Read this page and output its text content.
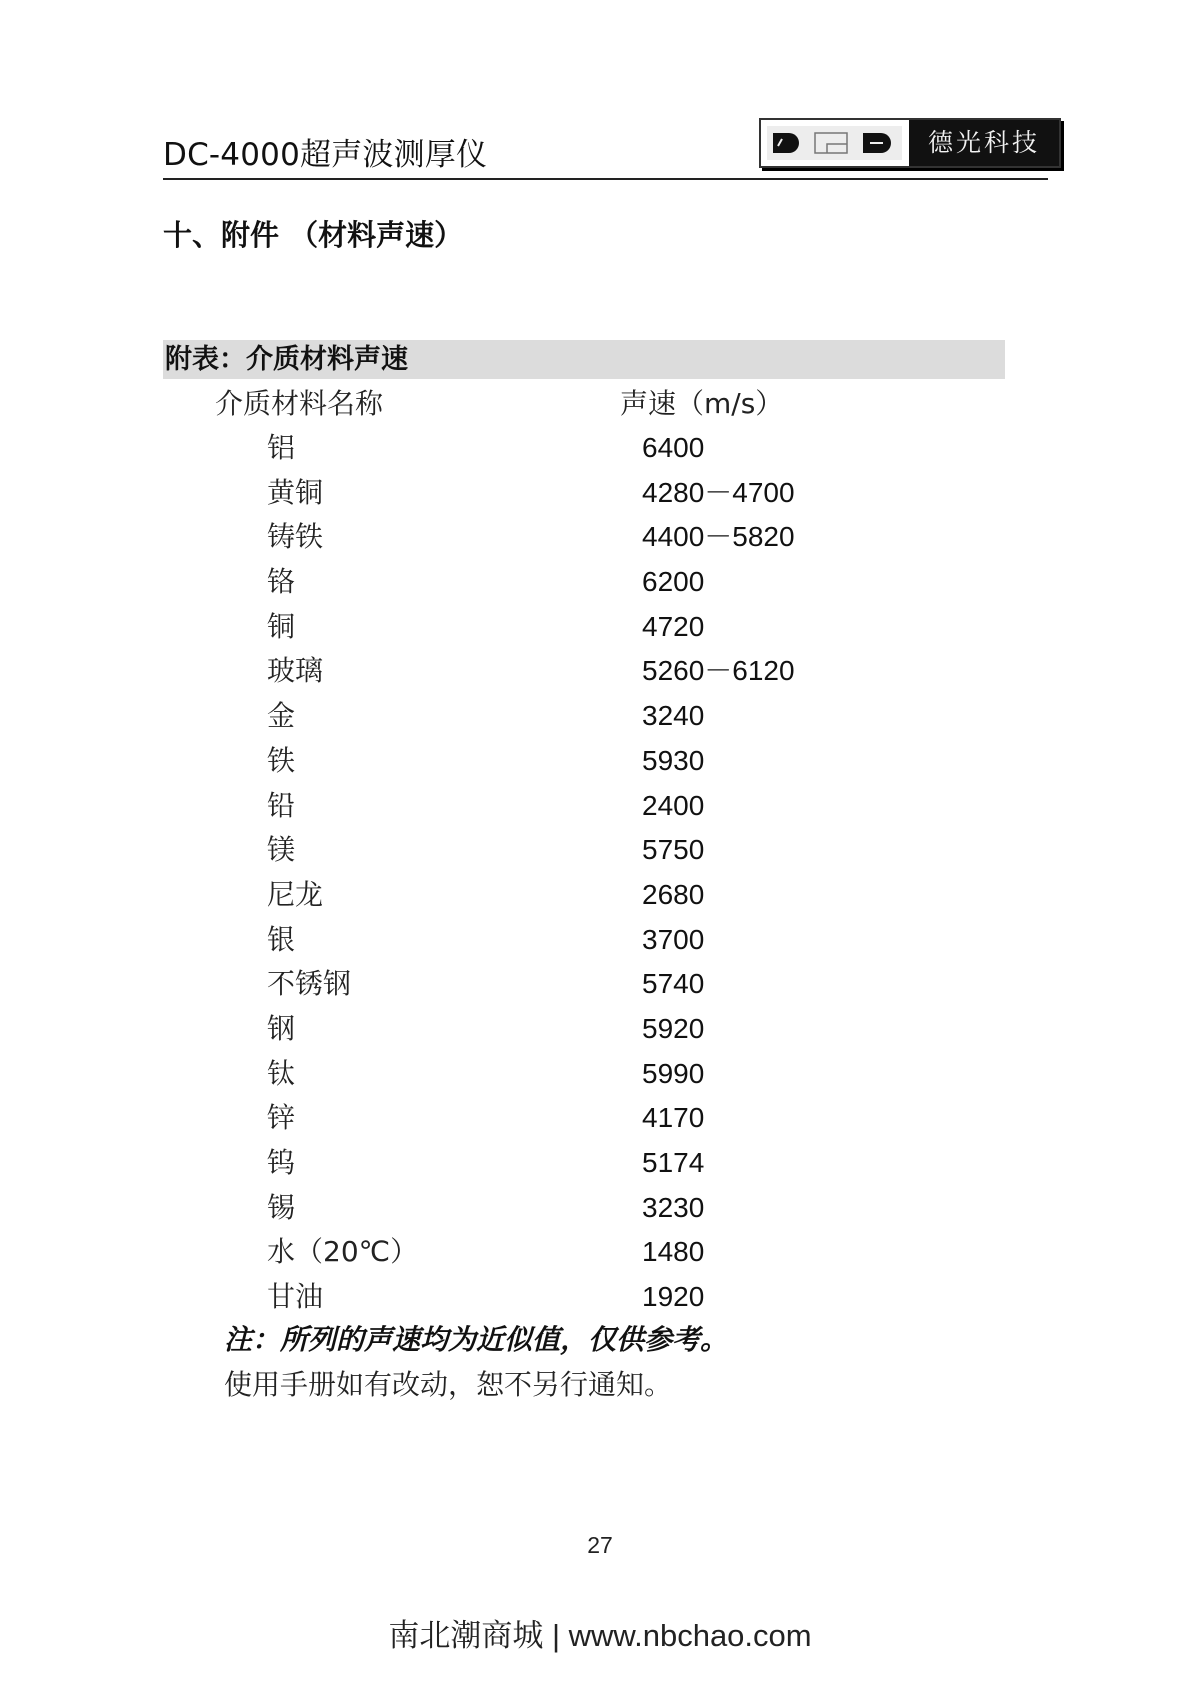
DC-4000超声波测厚仪	德光科技
十、附件 （材料声速）
附表：介质材料声速
介质材料名称	声速（m/s）
铝	6400
黄铜	4280－4700
铸铁	4400－5820
铬	6200
铜	4720
玻璃	5260－6120
金	3240
铁	5930
铅	2400
镁	5750
尼龙	2680
银	3700
不锈钢	5740
钢	5920
钛	5990
锌	4170
钨	5174
锡	3230
水（20℃）	1480
甘油	1920
注：所列的声速均为近似值，仅供参考。
使用手册如有改动，恕不另行通知。
27
南北潮商城 | www.nbchao.com
